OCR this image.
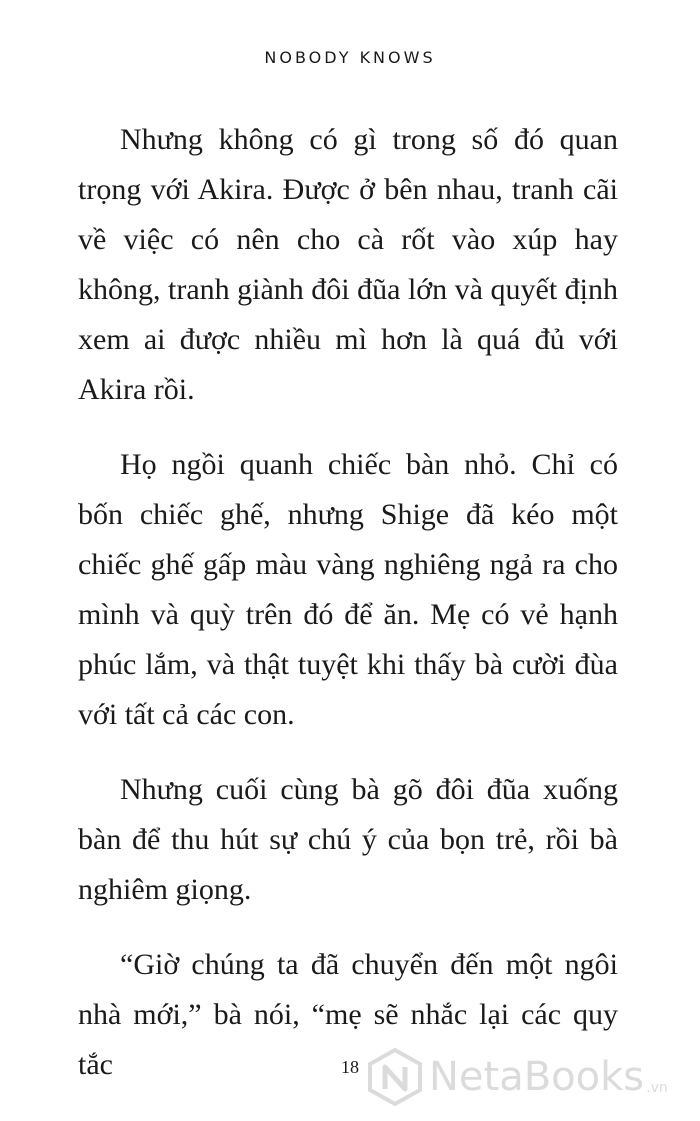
NOBODY KNOWS

Nhưng không có gì trong số đó quan trọng với Akira. Được ở bên nhau, tranh cãi về việc có nên cho cà rốt vào xúp hay không, tranh giành đôi đũa lớn và quyết định xem ai được nhiều mì hơn là quá đủ với Akira rồi.

Họ ngồi quanh chiếc bàn nhỏ. Chỉ có bốn chiếc ghế, nhưng Shige đã kéo một chiếc ghế gấp màu vàng nghiêng ngả ra cho mình và quỳ trên đó để ăn. Mẹ có vẻ hạnh phúc lắm, và thật tuyệt khi thấy bà cười đùa với tất cả các con.

Nhưng cuối cùng bà gõ đôi đũa xuống bàn để thu hút sự chú ý của bọn trẻ, rồi bà nghiêm giọng.

“Giờ chúng ta đã chuyển đến một ngôi nhà mới,” bà nói, “mẹ sẽ nhắc lại các quy tắc	18	NetaBooks .vn
